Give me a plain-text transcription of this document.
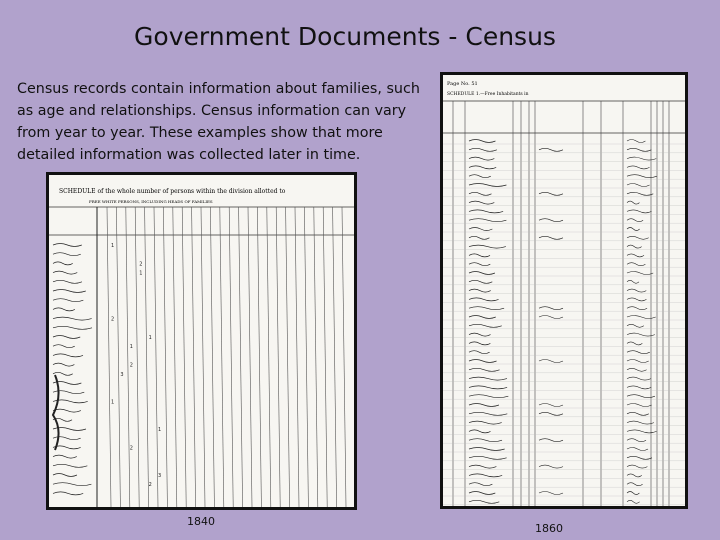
Government Documents - Census
Census records contain information about families, such as age and relationships. Census information can vary from year to year. These examples show that more detailed information was collected later in time.
SCHEDULE of the whole number of persons within the division allotted to
FREE WHITE PERSONS, INCLUDING HEADS OF FAMILIES
1
2
1
2
1
1
2
3
1
1
2
3
2
Page No. 51
SCHEDULE 1.—Free Inhabitants in
1840
1860
